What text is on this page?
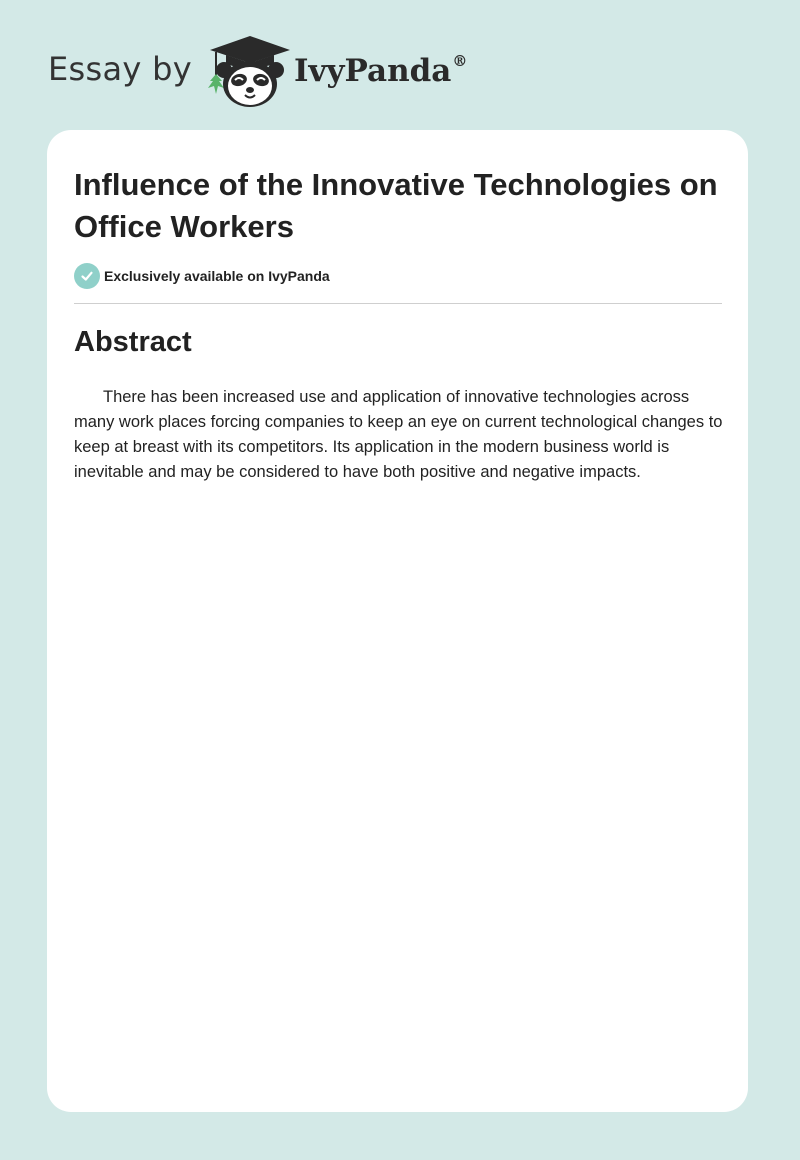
Essay by	IvyPanda®
Influence of the Innovative Technologies on Office Workers
Exclusively available on IvyPanda
Abstract

There has been increased use and application of innovative technologies across many work places forcing companies to keep an eye on current technological changes to keep at breast with its competitors. Its application in the modern business world is inevitable and may be considered to have both positive and negative impacts.
